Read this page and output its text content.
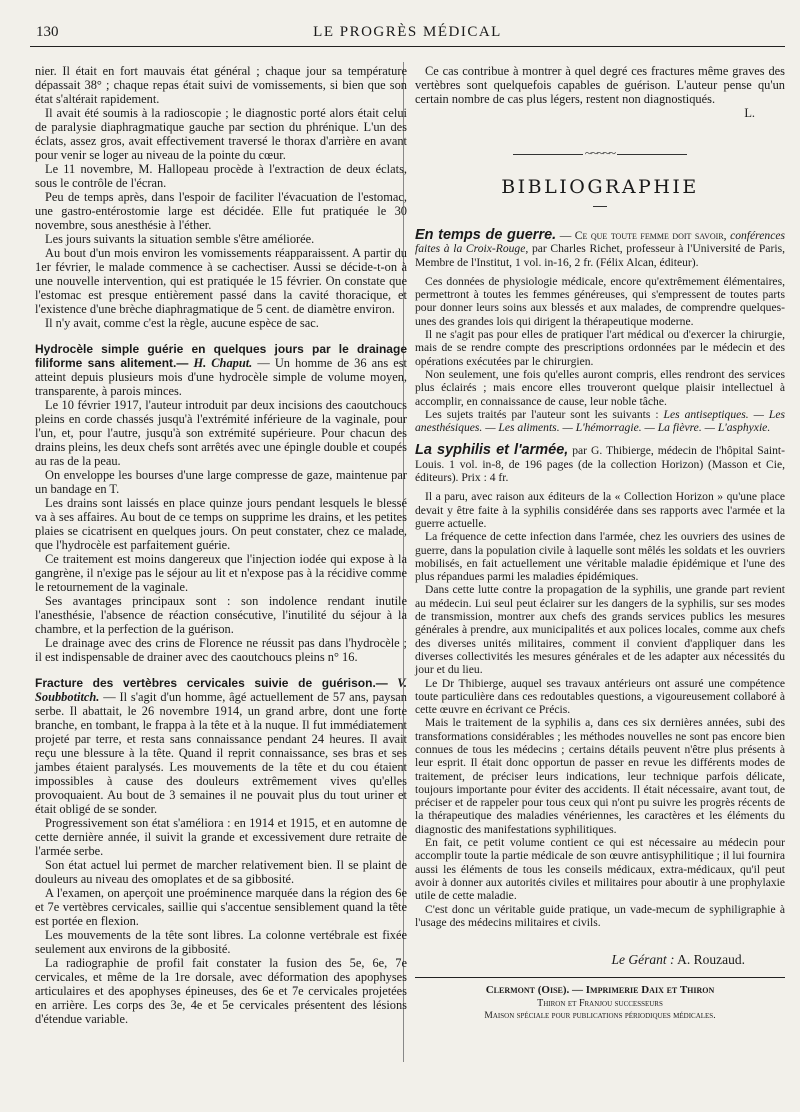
130	LE PROGRÈS MÉDICAL

nier. Il était en fort mauvais état général ; chaque jour sa température dépassait 38° ; chaque repas était suivi de vomissements, si bien que son état s'altérait rapidement.

Il avait été soumis à la radioscopie ; le diagnostic porté alors était celui de paralysie diaphragmatique gauche par section du phrénique. L'un des éclats, assez gros, avait effectivement traversé le thorax d'arrière en avant pour venir se loger au niveau de la pointe du cœur.

Le 11 novembre, M. Hallopeau procède à l'extraction de deux éclats, sous le contrôle de l'écran.

Peu de temps après, dans l'espoir de faciliter l'évacuation de l'estomac, une gastro-entérostomie large est décidée. Elle fut pratiquée le 30 novembre, sous anesthésie à l'éther.

Les jours suivants la situation semble s'être améliorée.

Au bout d'un mois environ les vomissements réapparaissent. A partir du 1er février, le malade commence à se cachectiser. Aussi se décide-t-on à une nouvelle intervention, qui est pratiquée le 15 février. On constate que l'estomac est presque entièrement passé dans la cavité thoracique, et l'existence d'une brèche diaphragmatique de 5 cent. de diamètre environ.

Il n'y avait, comme c'est la règle, aucune espèce de sac.

Hydrocèle simple guérie en quelques jours par le drainage filiforme sans alitement.— H. Chaput. — Un homme de 36 ans est atteint depuis plusieurs mois d'une hydrocèle simple de volume moyen, transparente, à parois minces.

Le 10 février 1917, l'auteur introduit par deux incisions des caoutchoucs pleins en corde chassés jusqu'à l'extrémité inférieure de la vaginale, pour l'un, et, pour l'autre, jusqu'à son extrémité supérieure. Pour chacun des drains pleins, les deux chefs sont arrêtés avec une épingle double et coupés au ras de la peau.

On enveloppe les bourses d'une large compresse de gaze, maintenue par un bandage en T.

Les drains sont laissés en place quinze jours pendant lesquels le blessé va à ses affaires. Au bout de ce temps on supprime les drains, et les petites plaies se cicatrisent en quelques jours. On peut constater, chez ce malade, que l'hydrocèle est parfaitement guérie.

Ce traitement est moins dangereux que l'injection iodée qui expose à la gangrène, il n'exige pas le séjour au lit et n'expose pas à la récidive comme le retournement de la vaginale.

Ses avantages principaux sont : son indolence rendant inutile l'anesthésie, l'absence de réaction consécutive, l'inutilité du séjour à la chambre, et la perfection de la guérison.

Le drainage avec des crins de Florence ne réussit pas dans l'hydrocèle ; il est indispensable de drainer avec des caoutchoucs pleins n° 16.

Fracture des vertèbres cervicales suivie de guérison.— V. Soubbotitch. — Il s'agit d'un homme, âgé actuellement de 57 ans, paysan serbe. Il abattait, le 26 novembre 1914, un grand arbre, dont une forte branche, en tombant, le frappa à la tête et à la nuque. Il fut immédiatement projeté par terre, et resta sans connaissance pendant 24 heures. Il avait reçu une blessure à la tête. Quand il reprit connaissance, ses bras et ses jambes étaient paralysés. Les mouvements de la tête et du cou étaient impossibles à cause des douleurs extrêmement vives qu'elles provoquaient. Au bout de 3 semaines il ne pouvait plus du tout uriner et était obligé de se sonder.

Progressivement son état s'améliora : en 1914 et 1915, et en automne de cette dernière année, il suivit la grande et excessivement dure retraite de l'armée serbe.

Son état actuel lui permet de marcher relativement bien. Il se plaint de douleurs au niveau des omoplates et de sa gibbosité.

A l'examen, on aperçoit une proéminence marquée dans la région des 6e et 7e vertèbres cervicales, saillie qui s'accentue sensiblement quand la tête est portée en flexion.

Les mouvements de la tête sont libres. La colonne vertébrale est fixée seulement aux environs de la gibbosité.

La radiographie de profil fait constater la fusion des 5e, 6e, 7e cervicales, et même de la 1re dorsale, avec déformation des apophyses articulaires et des apophyses épineuses, des 6e et 7e cervicales projetées en arrière. Les corps des 3e, 4e et 5e cervicales présentent des lésions d'étendue variable.

Ce cas contribue à montrer à quel degré ces fractures même graves des vertèbres sont quelquefois capables de guérison. L'auteur pense qu'un certain nombre de cas plus légers, restent non diagnostiqués.

L.
~~~~~
BIBLIOGRAPHIE

En temps de guerre. — Ce que toute femme doit savoir, conférences faites à la Croix-Rouge, par Charles Richet, professeur à l'Université de Paris, Membre de l'Institut, 1 vol. in-16, 2 fr. (Félix Alcan, éditeur).

Ces données de physiologie médicale, encore qu'extrêmement élémentaires, permettront à toutes les femmes généreuses, qui s'empressent de toutes parts pour donner leurs soins aux blessés et aux malades, de comprendre quelques-unes des grandes lois qui dirigent la thérapeutique moderne.

Il ne s'agit pas pour elles de pratiquer l'art médical ou d'exercer la chirurgie, mais de se rendre compte des prescriptions ordonnées par le médecin et des opérations exécutées par le chirurgien.

Non seulement, une fois qu'elles auront compris, elles rendront des services plus éclairés ; mais encore elles trouveront quelque plaisir intellectuel à accomplir, en connaissance de cause, leur noble tâche.

Les sujets traités par l'auteur sont les suivants : Les antiseptiques. — Les anesthésiques. — Les aliments. — L'hémorragie. — La fièvre. — L'asphyxie.

La syphilis et l'armée, par G. Thibierge, médecin de l'hôpital Saint-Louis. 1 vol. in-8, de 196 pages (de la collection Horizon) (Masson et Cie, éditeurs). Prix : 4 fr.

Il a paru, avec raison aux éditeurs de la « Collection Horizon » qu'une place devait y être faite à la syphilis considérée dans ses rapports avec l'armée et la guerre actuelle.

La fréquence de cette infection dans l'armée, chez les ouvriers des usines de guerre, dans la population civile à laquelle sont mêlés les soldats et les ouvriers mobilisés, en fait actuellement une véritable maladie épidémique et l'une des plus répandues parmi les maladies épidémiques.

Dans cette lutte contre la propagation de la syphilis, une grande part revient au médecin. Lui seul peut éclairer sur les dangers de la syphilis, sur ses modes de transmission, montrer aux chefs des grands services publics les mesures générales à prendre, aux municipalités et aux polices locales, comme aux chefs des diverses unités militaires, comment il convient d'appliquer dans les diverses collectivités les mesures générales et de les adapter aux nécessités du jour et du lieu.

Le Dr Thibierge, auquel ses travaux antérieurs ont assuré une compétence toute particulière dans ces redoutables questions, a vigoureusement collaboré à cette œuvre en écrivant ce Précis.

Mais le traitement de la syphilis a, dans ces six dernières années, subi des transformations considérables ; les méthodes nouvelles ne sont pas encore bien connues de tous les médecins ; certains détails peuvent n'être plus présents à leur esprit. Il était donc opportun de passer en revue les différents modes de traitement, de préciser leurs indications, leur technique parfois délicate, toujours importante pour éviter des accidents. Il était nécessaire, avant tout, de préciser et de rappeler pour tous ceux qui n'ont pu suivre les progrès récents de la thérapeutique des maladies vénériennes, les caractères et les éléments du diagnostic des manifestations syphilitiques.

En fait, ce petit volume contient ce qui est nécessaire au médecin pour accomplir toute la partie médicale de son œuvre antisyphilitique ; il lui fournira aussi les éléments de tous les conseils médicaux, extra-médicaux, qu'il peut avoir à donner aux autorités civiles et militaires pour aboutir à une prophylaxie utile de cette maladie.

C'est donc un véritable guide pratique, un vade-mecum de syphiligraphie à l'usage des médecins militaires et civils.

Le Gérant : A. Rouzaud.
Clermont (Oise). — Imprimerie Daix et Thiron
Thiron et Franjou successeurs
Maison spéciale pour publications périodiques médicales.
